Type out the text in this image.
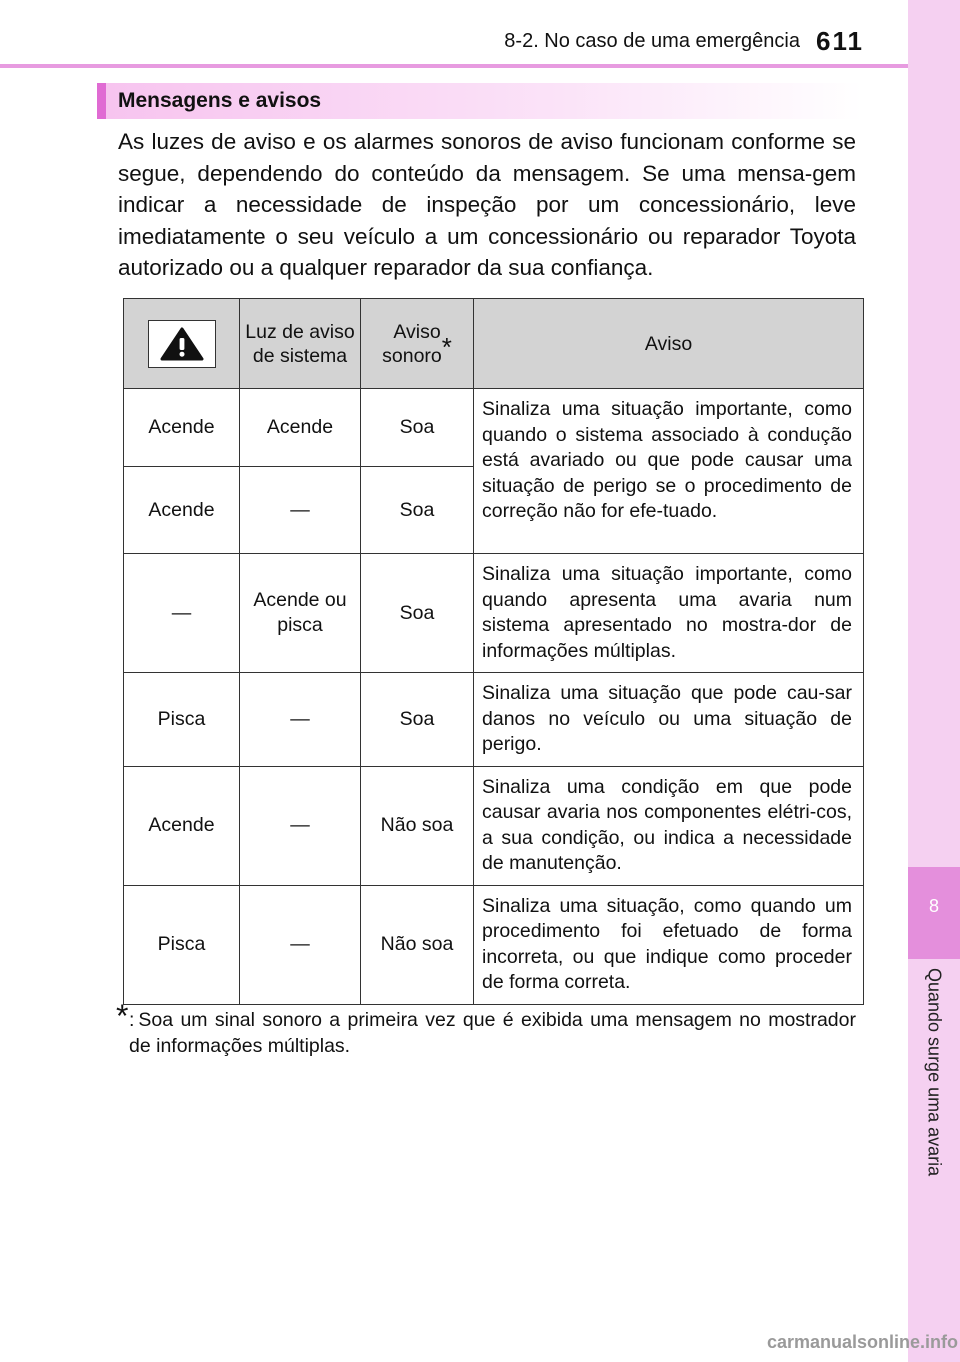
8-2. No caso de uma emergência 611
8
Quando surge uma avaria
Mensagens e avisos
As luzes de aviso e os alarmes sonoros de aviso funcionam conforme se segue, dependendo do conteúdo da mensagem. Se uma mensa-gem indicar a necessidade de inspeção por um concessionário, leve imediatamente o seu veículo a um concessionário ou reparador Toyota autorizado ou a qualquer reparador da sua confiança.
	Luz de aviso de sistema	Aviso sonoro*	Aviso
Acende	Acende	Soa	Sinaliza uma situação importante, como quando o sistema associado à condução está avariado ou que pode causar uma situação de perigo se o procedimento de correção não for efe-tuado.
Acende	—	Soa	
—	Acende ou pisca	Soa	Sinaliza uma situação importante, como quando apresenta uma avaria num sistema apresentado no mostra-dor de informações múltiplas.
Pisca	—	Soa	Sinaliza uma situação que pode cau-sar danos no veículo ou uma situação de perigo.
Acende	—	Não soa	Sinaliza uma condição em que pode causar avaria nos componentes elétri-cos, a sua condição, ou indica a necessidade de manutenção.
Pisca	—	Não soa	Sinaliza uma situação, como quando um procedimento foi efetuado de forma incorreta, ou que indique como proceder de forma correta.
* : Soa um sinal sonoro a primeira vez que é exibida uma mensagem no mostrador de informações múltiplas.
carmanualsonline.info
